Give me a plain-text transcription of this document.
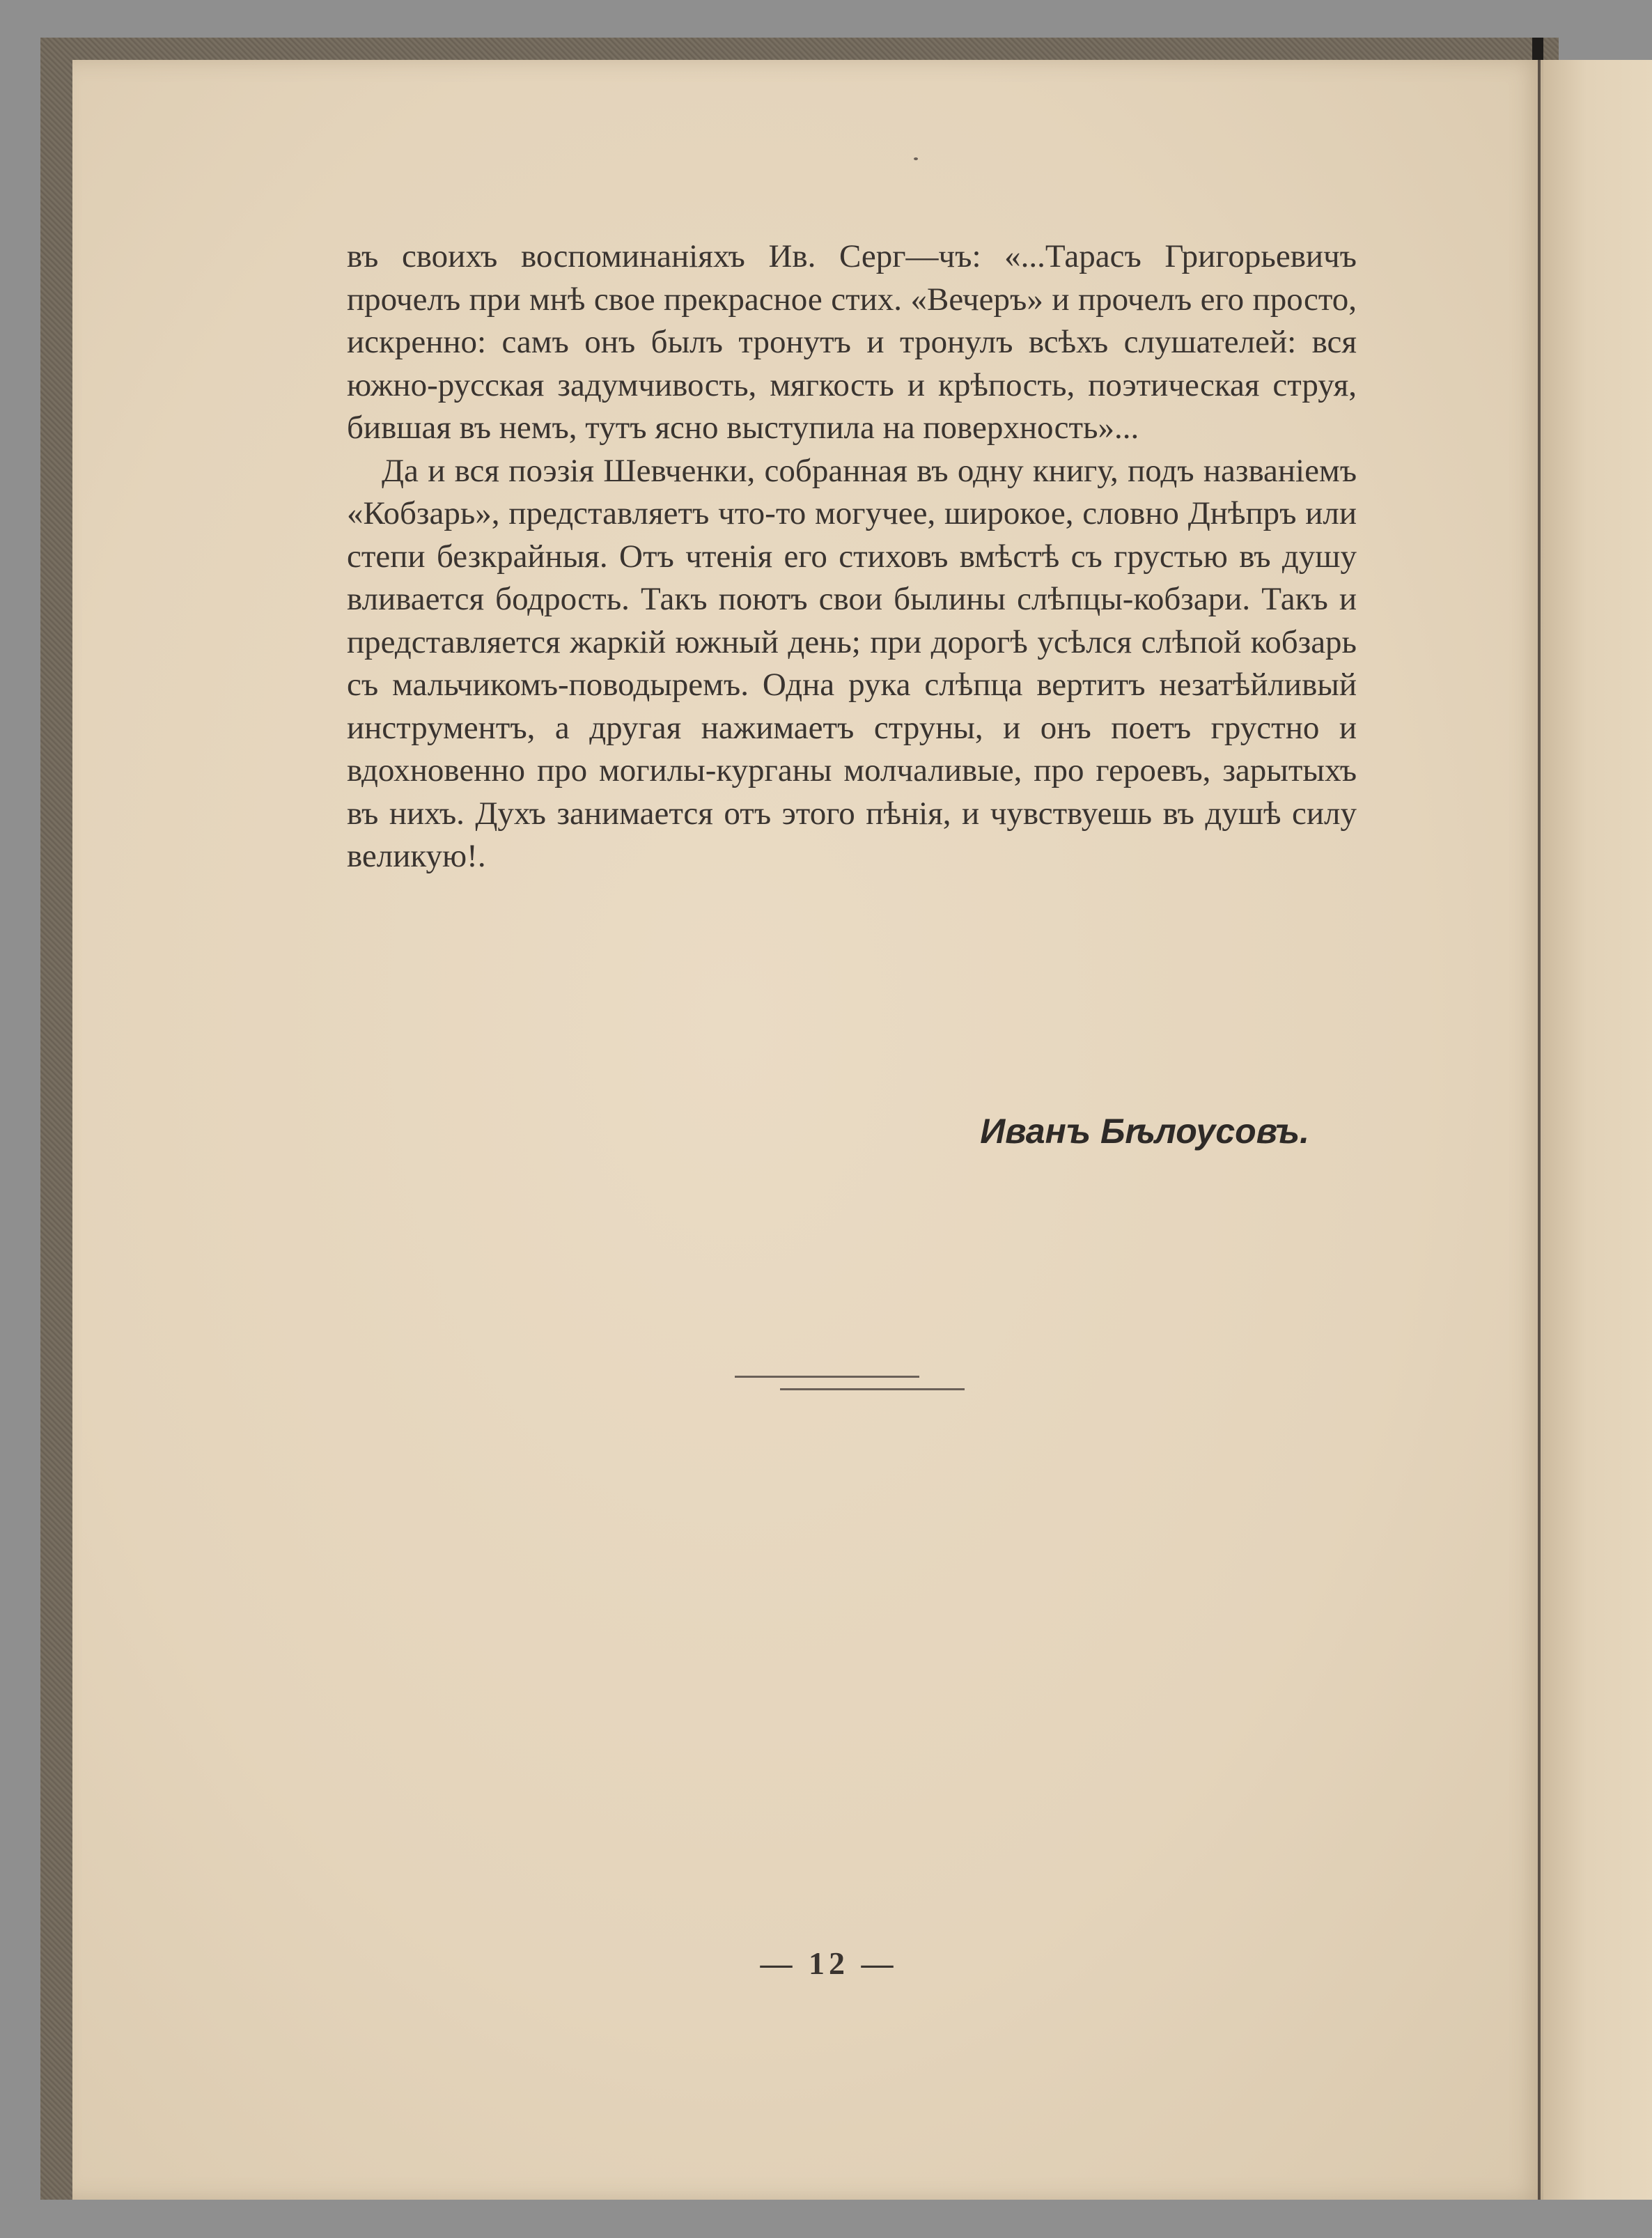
въ своихъ воспоминаніяхъ Ив. Серг—чъ: «...Тарасъ Григорьевичъ прочелъ при мнѣ свое прекрасное стих. «Вечеръ» и прочелъ его просто, искренно: самъ онъ былъ тронутъ и тронулъ всѣхъ слушателей: вся южно-русская задумчивость, мягкость и крѣпость, поэтическая струя, бившая въ немъ, тутъ ясно выступила на поверхность»...

Да и вся поэзія Шевченки, собранная въ одну книгу, подъ названіемъ «Кобзарь», представляетъ что-то могучее, широкое, словно Днѣпръ или степи безкрайныя. Отъ чтенія его стиховъ вмѣстѣ съ грустью въ душу вливается бодрость. Такъ поютъ свои былины слѣпцы-кобзари. Такъ и представляется жаркій южный день; при дорогѣ усѣлся слѣпой кобзарь съ мальчикомъ-поводыремъ. Одна рука слѣпца вертитъ незатѣйливый инструментъ, а другая нажимаетъ струны, и онъ поетъ грустно и вдохновенно про могилы-курганы молчаливые, про героевъ, зарытыхъ въ нихъ. Духъ занимается отъ этого пѣнія, и чувствуешь въ душѣ силу великую!.

Иванъ Бѣлоусовъ.
— 12 —
